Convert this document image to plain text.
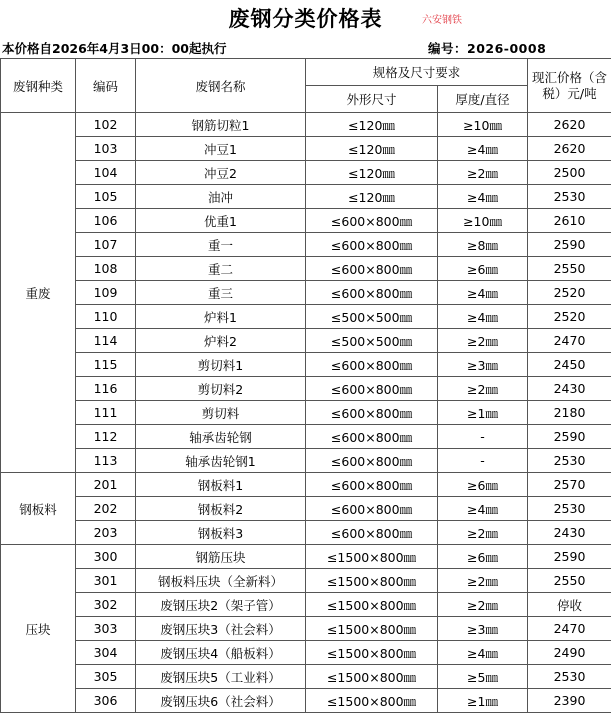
废钢分类价格表	六安钢铁
本价格自2026年4月3日00：00起执行	编号：2026-0008
废钢种类	编码	废钢名称	规格及尺寸要求		现汇价格（含税）元/吨
			外形尺寸	厚度/直径	
重废	102	钢筋切粒1	≤120㎜	≥10㎜	2620
	103	冲豆1	≤120㎜	≥4㎜	2620
	104	冲豆2	≤120㎜	≥2㎜	2500
	105	油冲	≤120㎜	≥4㎜	2530
	106	优重1	≤600×800㎜	≥10㎜	2610
	107	重一	≤600×800㎜	≥8㎜	2590
	108	重二	≤600×800㎜	≥6㎜	2550
	109	重三	≤600×800㎜	≥4㎜	2520
	110	炉料1	≤500×500㎜	≥4㎜	2520
	114	炉料2	≤500×500㎜	≥2㎜	2470
	115	剪切料1	≤600×800㎜	≥3㎜	2450
	116	剪切料2	≤600×800㎜	≥2㎜	2430
	111	剪切料	≤600×800㎜	≥1㎜	2180
	112	轴承齿轮钢	≤600×800㎜	-	2590
	113	轴承齿轮钢1	≤600×800㎜	-	2530
钢板料	201	钢板料1	≤600×800㎜	≥6㎜	2570
	202	钢板料2	≤600×800㎜	≥4㎜	2530
	203	钢板料3	≤600×800㎜	≥2㎜	2430
压块	300	钢筋压块	≤1500×800㎜	≥6㎜	2590
	301	钢板料压块（全新料）	≤1500×800㎜	≥2㎜	2550
	302	废钢压块2（架子管）	≤1500×800㎜	≥2㎜	停收
	303	废钢压块3（社会料）	≤1500×800㎜	≥3㎜	2470
	304	废钢压块4（船板料）	≤1500×800㎜	≥4㎜	2490
	305	废钢压块5（工业料）	≤1500×800㎜	≥5㎜	2530
	306	废钢压块6（社会料）	≤1500×800㎜	≥1㎜	2390
